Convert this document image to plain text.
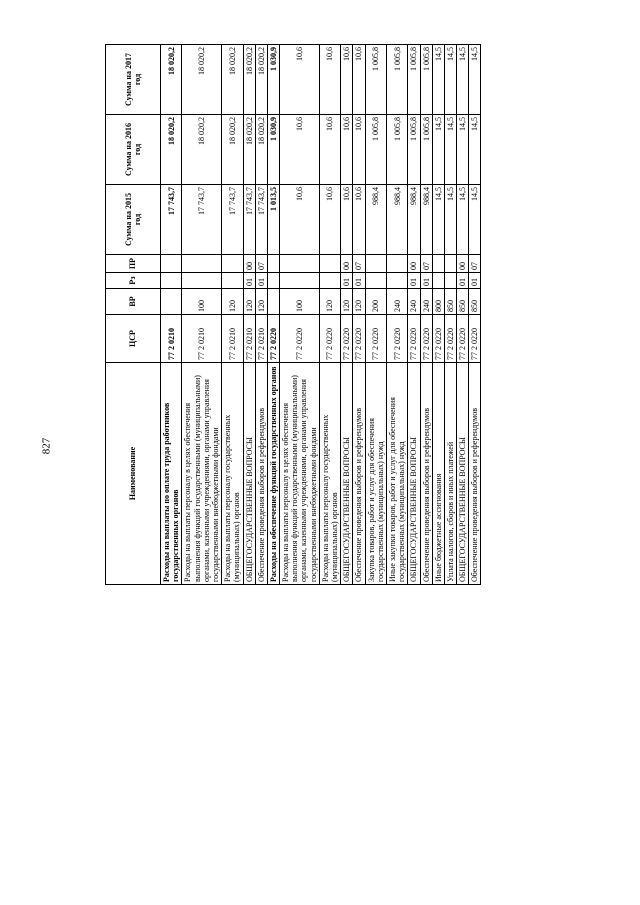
827
Наименование	ЦСР	ВР	Рз	ПР	Сумма на 2015 год	Сумма на 2016 год	Сумма на 2017 год
Расходы на выплаты по оплате труда работников государственных органов	77 2 0210				17 743,7	18 020,2	18 020,2
Расходы на выплаты персоналу в целях обеспечения выполнения функций государственными (муниципальными) органами, казенными учреждениями, органами управления государственными внебюджетными фондами	77 2 0210	100			17 743,7	18 020,2	18 020,2
Расходы на выплаты персоналу государственных (муниципальных) органов	77 2 0210	120			17 743,7	18 020,2	18 020,2
ОБЩЕГОСУДАРСТВЕННЫЕ ВОПРОСЫ	77 2 0210	120	01	00	17 743,7	18 020,2	18 020,2
Обеспечение проведения выборов и референдумов	77 2 0210	120	01	07	17 743,7	18 020,2	18 020,2
Расходы на обеспечение функций государственных органов	77 2 0220				1 013,5	1 030,9	1 030,9
Расходы на выплаты персоналу в целях обеспечения выполнения функций государственными (муниципальными) органами, казенными учреждениями, органами управления государственными внебюджетными фондами	77 2 0220	100			10,6	10,6	10,6
Расходы на выплаты персоналу государственных (муниципальных) органов	77 2 0220	120			10,6	10,6	10,6
ОБЩЕГОСУДАРСТВЕННЫЕ ВОПРОСЫ	77 2 0220	120	01	00	10,6	10,6	10,6
Обеспечение проведения выборов и референдумов	77 2 0220	120	01	07	10,6	10,6	10,6
Закупка товаров, работ и услуг для обеспечения государственных (муниципальных) нужд	77 2 0220	200			988,4	1 005,8	1 005,8
Иные закупки товаров, работ и услуг для обеспечения государственных (муниципальных) нужд	77 2 0220	240			988,4	1 005,8	1 005,8
ОБЩЕГОСУДАРСТВЕННЫЕ ВОПРОСЫ	77 2 0220	240	01	00	988,4	1 005,8	1 005,8
Обеспечение проведения выборов и референдумов	77 2 0220	240	01	07	988,4	1 005,8	1 005,8
Иные бюджетные ассигнования	77 2 0220	800			14,5	14,5	14,5
Уплата налогов, сборов и иных платежей	77 2 0220	850			14,5	14,5	14,5
ОБЩЕГОСУДАРСТВЕННЫЕ ВОПРОСЫ	77 2 0220	850	01	00	14,5	14,5	14,5
Обеспечение проведения выборов и референдумов	77 2 0220	850	01	07	14,5	14,5	14,5
